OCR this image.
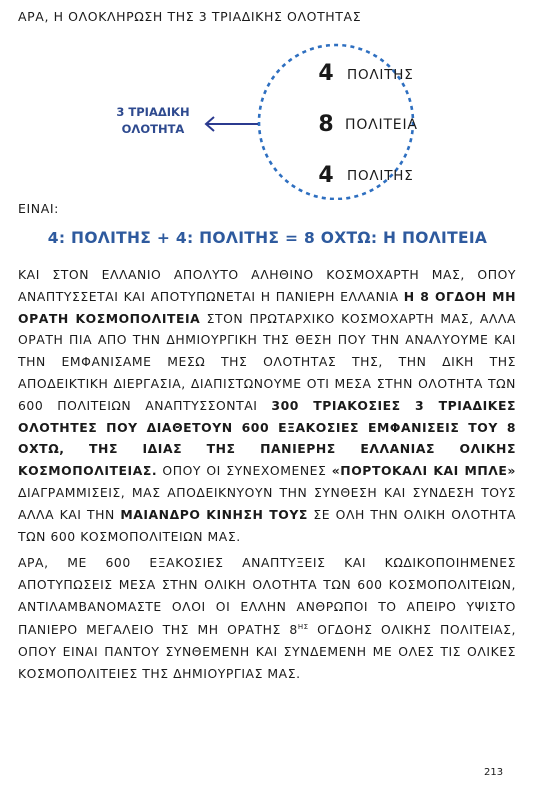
ΑΡΑ, Η ΟΛΟΚΛΗΡΩΣΗ ΤΗΣ 3 ΤΡΙΑΔΙΚΗΣ ΟΛΟΤΗΤΑΣ
3 ΤΡΙΑΔΙΚΗ
ΟΛΟΤΗΤΑ
4 ΠΟΛΙΤΗΣ
8 ΠΟΛΙΤΕΙΑ
4 ΠΟΛΙΤΗΣ
ΕΙΝΑΙ:
4: ΠΟΛΙΤΗΣ + 4: ΠΟΛΙΤΗΣ = 8 ΟΧΤΩ: Η ΠΟΛΙΤΕΙΑ

ΚΑΙ ΣΤΟΝ ΕΛΛΑΝΙΟ ΑΠΟΛΥΤΟ ΑΛΗΘΙΝΟ ΚΟΣΜΟΧΑΡΤΗ ΜΑΣ, ΟΠΟΥ ΑΝΑΠΤΥΣΣΕΤΑΙ ΚΑΙ ΑΠΟΤΥΠΩΝΕΤΑΙ Η ΠΑΝΙΕΡΗ ΕΛΛΑΝΙΑ Η 8 ΟΓΔΟΗ ΜΗ ΟΡΑΤΗ ΚΟΣΜΟΠΟΛΙΤΕΙΑ ΣΤΟΝ ΠΡΩΤΑΡΧΙΚΟ ΚΟΣΜΟΧΑΡΤΗ ΜΑΣ, ΑΛΛΑ ΟΡΑΤΗ ΠΙΑ ΑΠΟ ΤΗΝ ΔΗΜΙΟΥΡΓΙΚΗ ΤΗΣ ΘΕΣΗ ΠΟΥ ΤΗΝ ΑΝΑΛΥΟΥΜΕ ΚΑΙ ΤΗΝ ΕΜΦΑΝΙΣΑΜΕ ΜΕΣΩ ΤΗΣ ΟΛΟΤΗΤΑΣ ΤΗΣ, ΤΗΝ ΔΙΚΗ ΤΗΣ ΑΠΟΔΕΙΚΤΙΚΗ ΔΙΕΡΓΑΣΙΑ, ΔΙΑΠΙΣΤΩΝΟΥΜΕ ΟΤΙ ΜΕΣΑ ΣΤΗΝ ΟΛΟΤΗΤΑ ΤΩΝ 600 ΠΟΛΙΤΕΙΩΝ ΑΝΑΠΤΥΣΣΟΝΤΑΙ 300 ΤΡΙΑΚΟΣΙΕΣ 3 ΤΡΙΑΔΙΚΕΣ ΟΛΟΤΗΤΕΣ ΠΟΥ ΔΙΑΘΕΤΟΥΝ 600 ΕΞΑΚΟΣΙΕΣ ΕΜΦΑΝΙΣΕΙΣ ΤΟΥ 8 ΟΧΤΩ, ΤΗΣ ΙΔΙΑΣ ΤΗΣ ΠΑΝΙΕΡΗΣ ΕΛΛΑΝΙΑΣ ΟΛΙΚΗΣ ΚΟΣΜΟΠΟΛΙΤΕΙΑΣ. ΟΠΟΥ ΟΙ ΣΥΝΕΧΟΜΕΝΕΣ «ΠΟΡΤΟΚΑΛΙ ΚΑΙ ΜΠΛΕ» ΔΙΑΓΡΑΜΜΙΣΕΙΣ, ΜΑΣ ΑΠΟΔΕΙΚΝΥΟΥΝ ΤΗΝ ΣΥΝΘΕΣΗ ΚΑΙ ΣΥΝΔΕΣΗ ΤΟΥΣ ΑΛΛΑ ΚΑΙ ΤΗΝ ΜΑΙΑΝΔΡΟ ΚΙΝΗΣΗ ΤΟΥΣ ΣΕ ΟΛΗ ΤΗΝ ΟΛΙΚΗ ΟΛΟΤΗΤΑ ΤΩΝ 600 ΚΟΣΜΟΠΟΛΙΤΕΙΩΝ ΜΑΣ.

ΑΡΑ, ΜΕ 600 ΕΞΑΚΟΣΙΕΣ ΑΝΑΠΤΥΞΕΙΣ ΚΑΙ ΚΩΔΙΚΟΠΟΙΗΜΕΝΕΣ ΑΠΟΤΥΠΩΣΕΙΣ ΜΕΣΑ ΣΤΗΝ ΟΛΙΚΗ ΟΛΟΤΗΤΑ ΤΩΝ 600 ΚΟΣΜΟΠΟΛΙΤΕΙΩΝ, ΑΝΤΙΛΑΜΒΑΝΟΜΑΣΤΕ ΟΛΟΙ ΟΙ ΕΛΛΗΝ ΑΝΘΡΩΠΟΙ ΤΟ ΑΠΕΙΡΟ ΥΨΙΣΤΟ ΠΑΝΙΕΡΟ ΜΕΓΑΛΕΙΟ ΤΗΣ ΜΗ ΟΡΑΤΗΣ $8^{H\Sigma}$ ΟΓΔΟΗΣ ΟΛΙΚΗΣ ΠΟΛΙΤΕΙΑΣ, ΟΠΟΥ ΕΙΝΑΙ ΠΑΝΤΟΥ ΣΥΝΘΕΜΕΝΗ ΚΑΙ ΣΥΝΔΕΜΕΝΗ ΜΕ ΟΛΕΣ ΤΙΣ ΟΛΙΚΕΣ ΚΟΣΜΟΠΟΛΙΤΕΙΕΣ ΤΗΣ ΔΗΜΙΟΥΡΓΙΑΣ ΜΑΣ.

213
